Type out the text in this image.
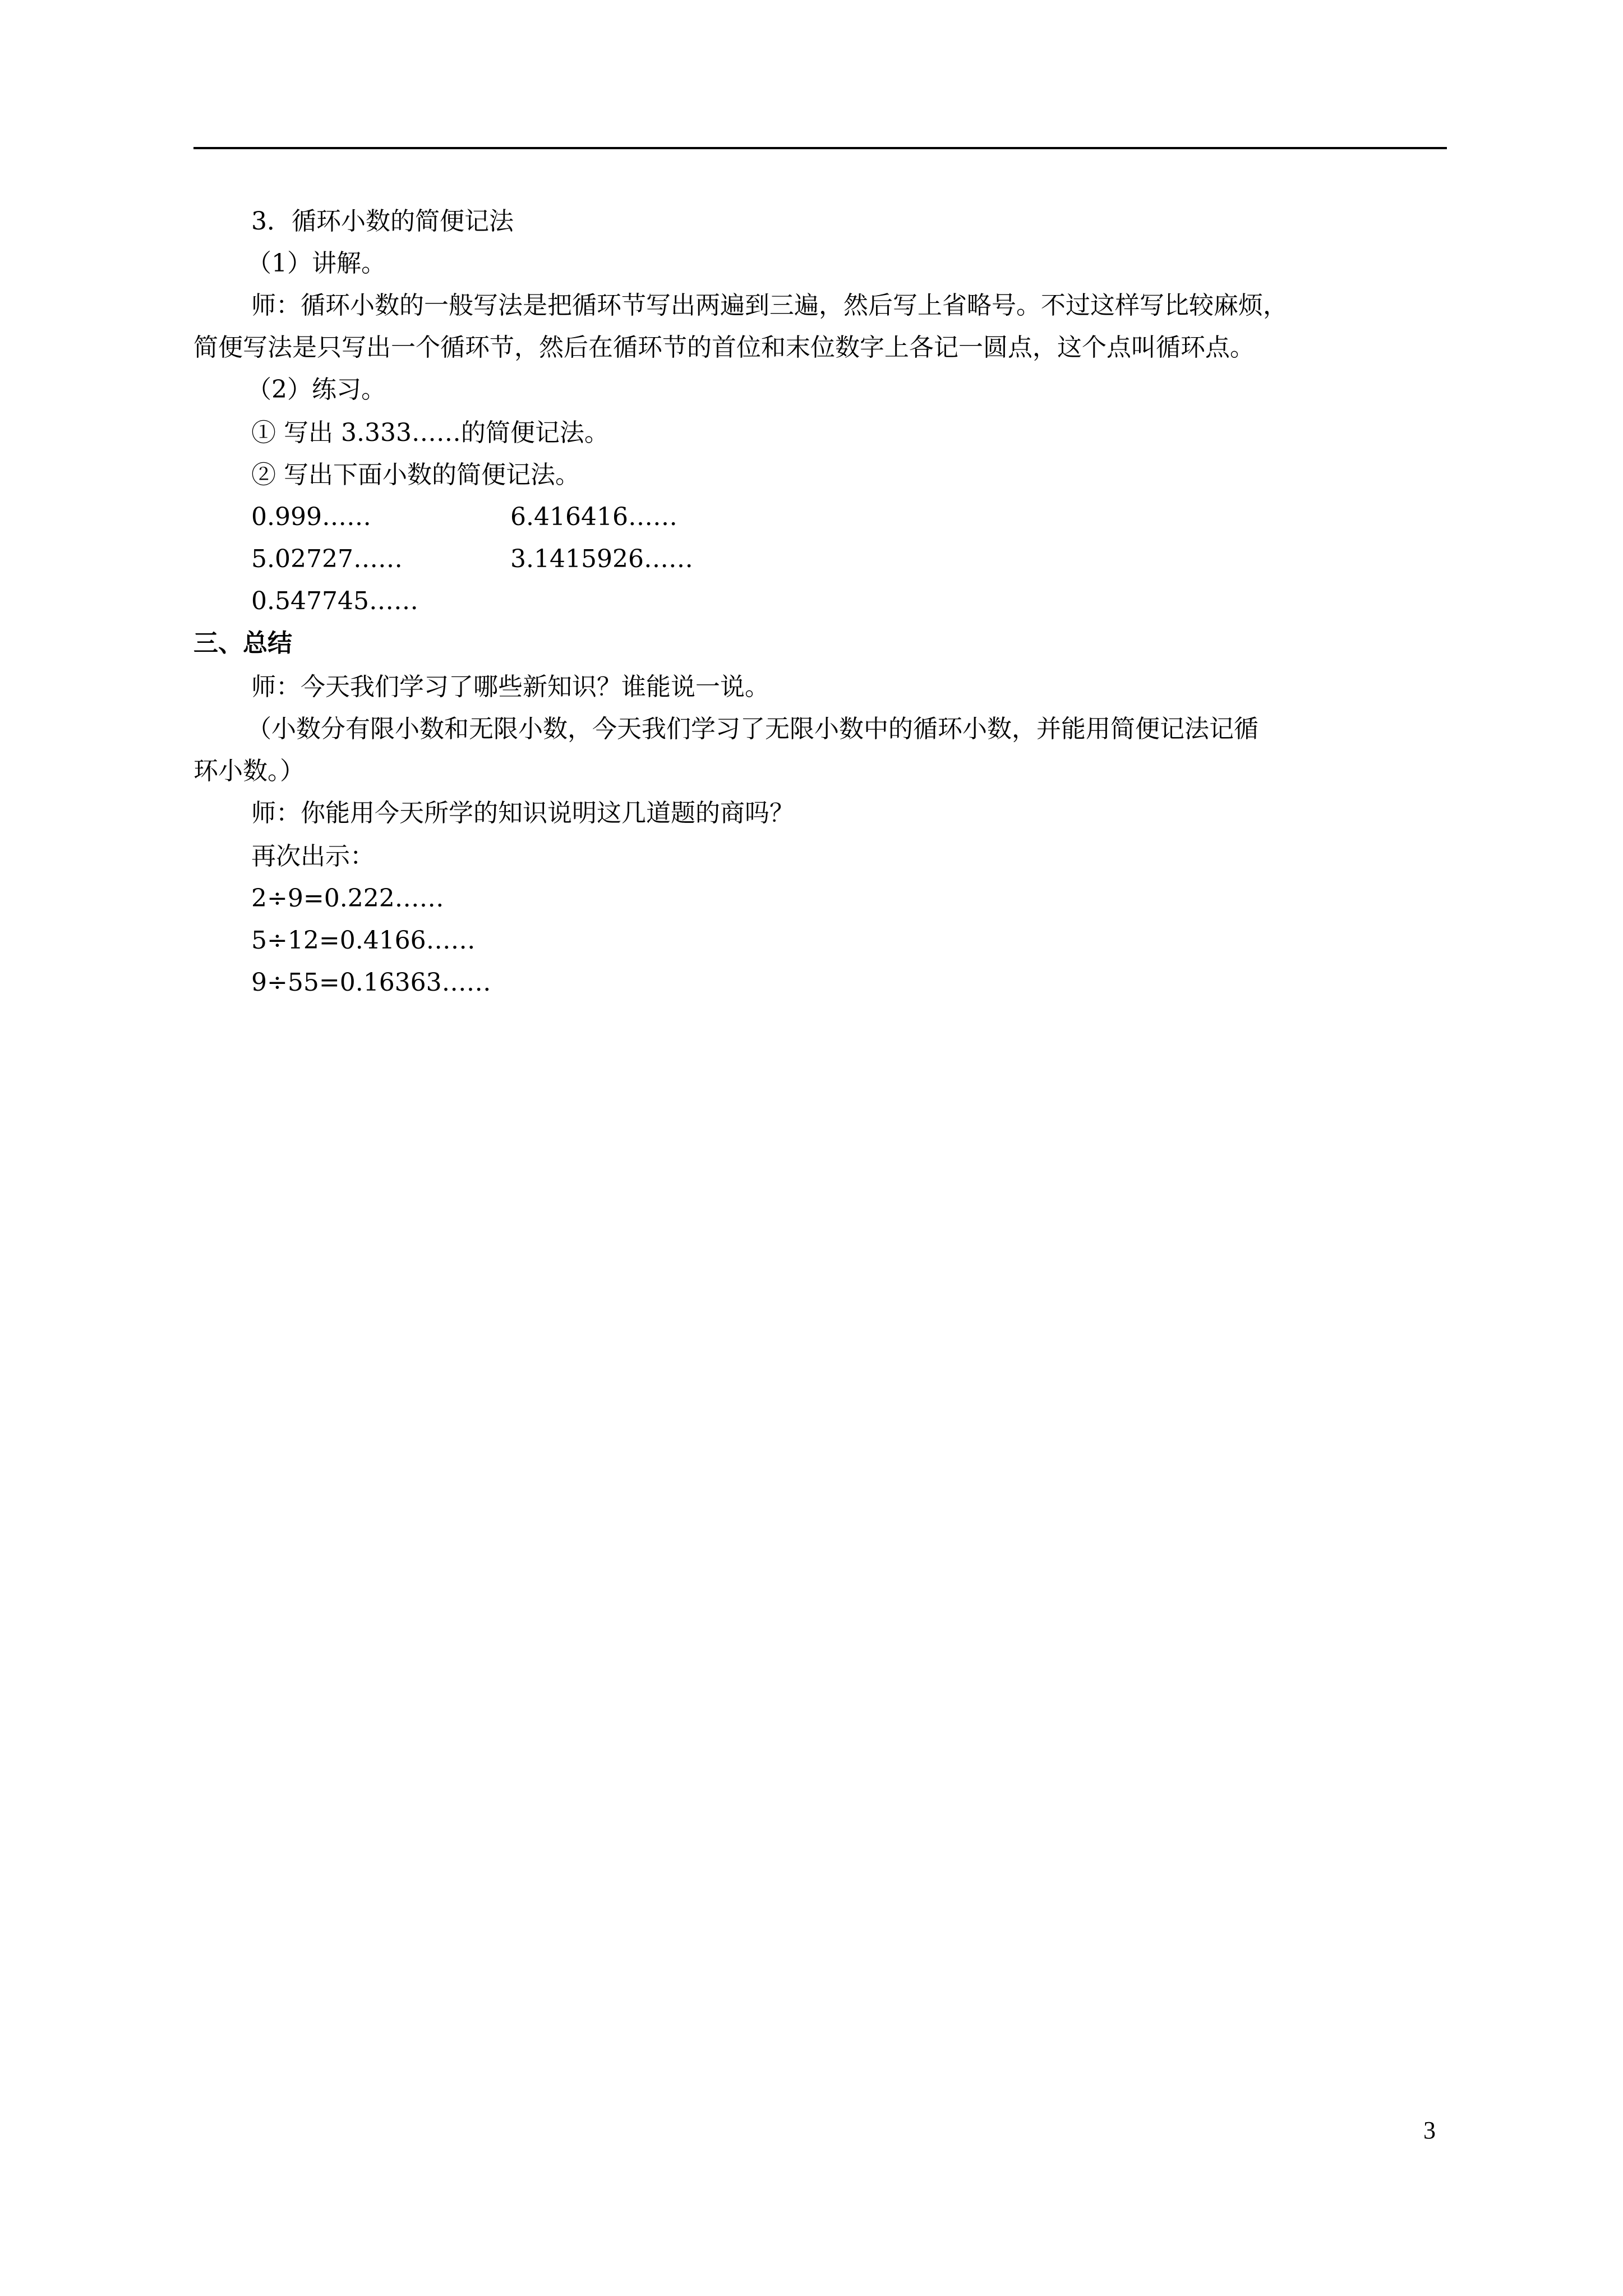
3．循环小数的简便记法
（1）讲解。
师：循环小数的一般写法是把循环节写出两遍到三遍，然后写上省略号。不过这样写比较麻烦，
简便写法是只写出一个循环节，然后在循环节的首位和末位数字上各记一圆点，这个点叫循环点。
（2）练习。
① 写出 3.333……的简便记法。
② 写出下面小数的简便记法。
0.999……	6.416416……
5.02727……	3.1415926……
0.547745……
三、总结
师：今天我们学习了哪些新知识？谁能说一说。
（小数分有限小数和无限小数，今天我们学习了无限小数中的循环小数，并能用简便记法记循
环小数。）
师：你能用今天所学的知识说明这几道题的商吗？
再次出示：
2÷9=0.222……
5÷12=0.4166……
9÷55=0.16363……
3
